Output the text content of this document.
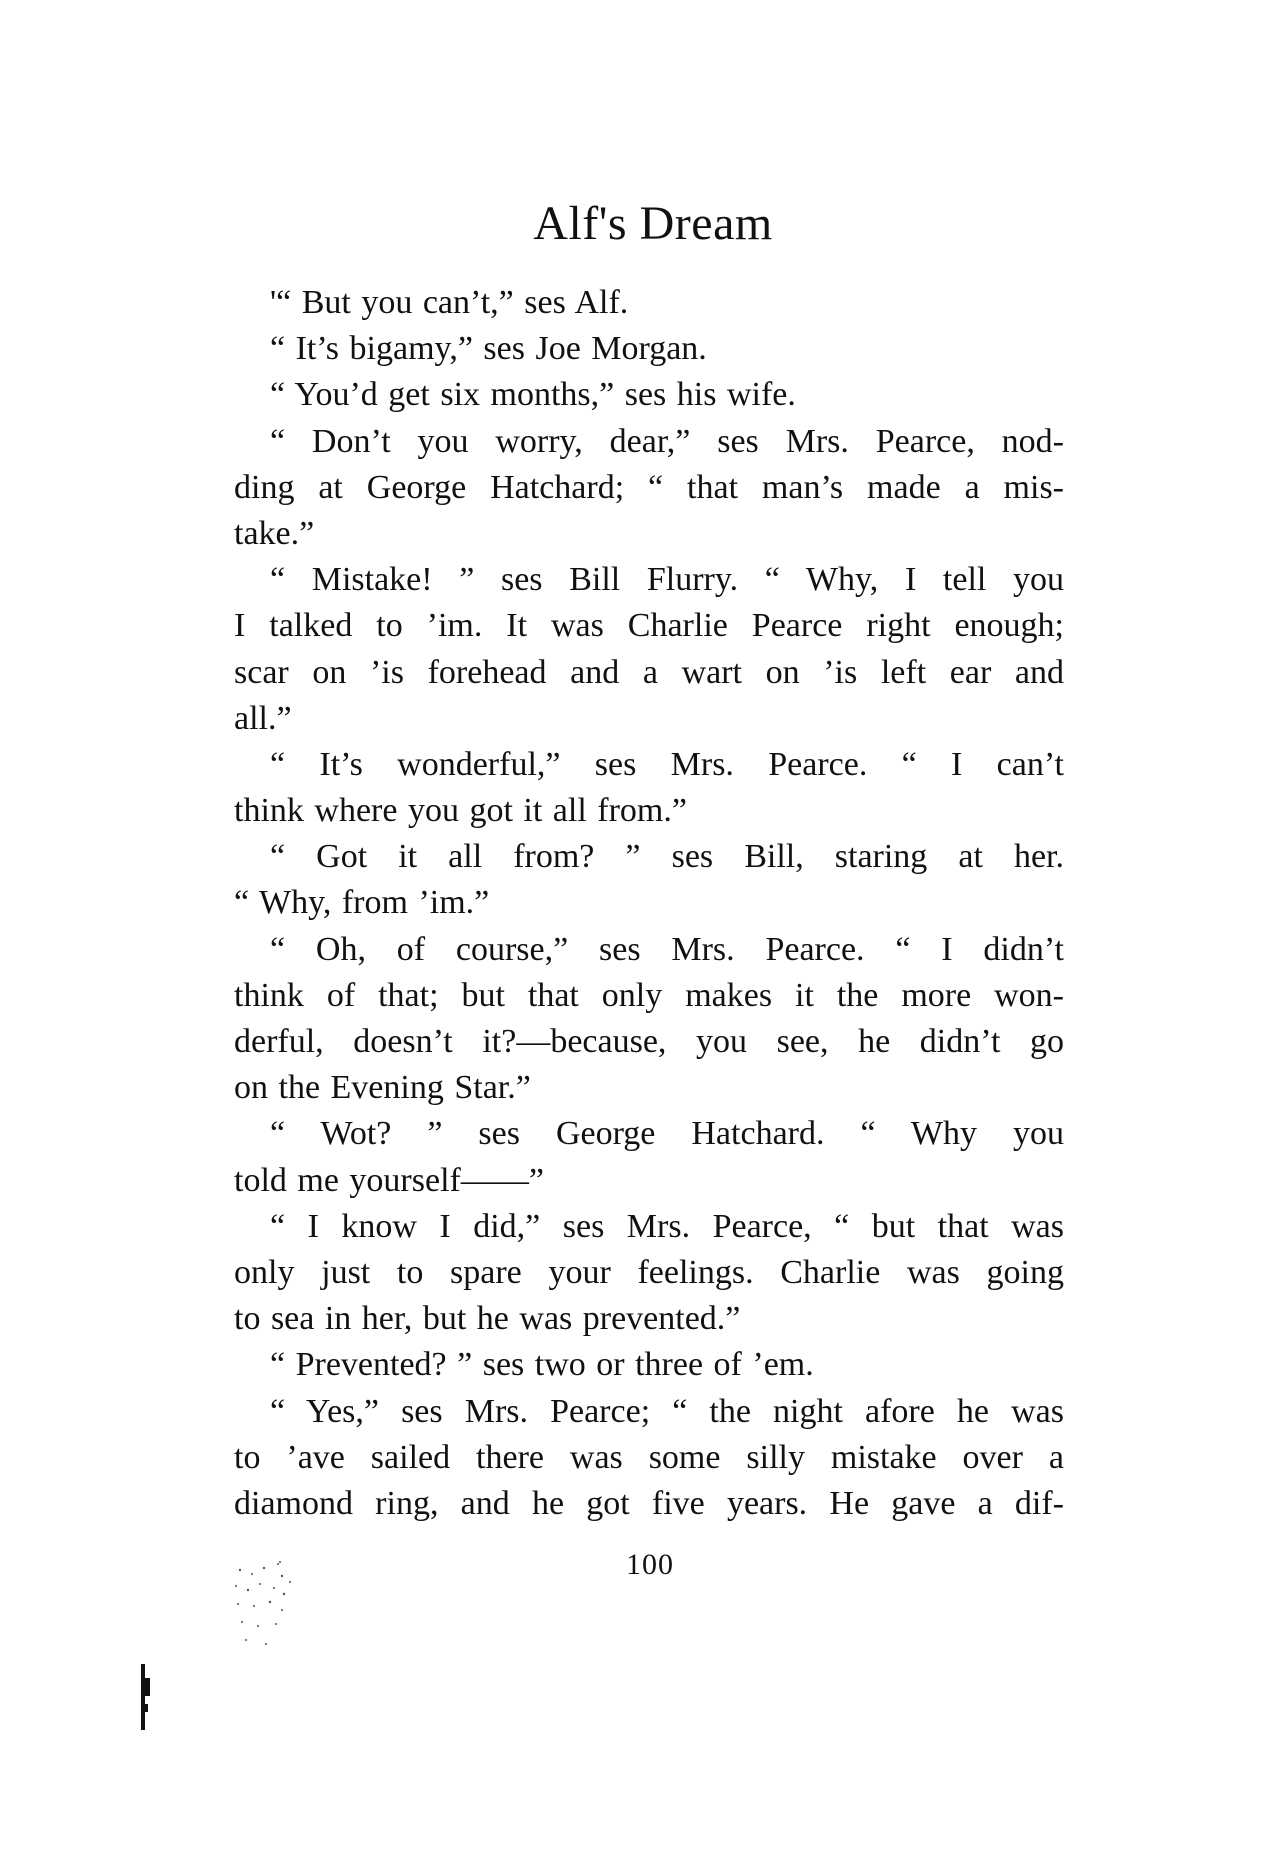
Alf's Dream
'“ But you can’t,” ses Alf.
“ It’s bigamy,” ses Joe Morgan.
“ You’d get six months,” ses his wife.
“ Don’t you worry, dear,” ses Mrs. Pearce, nod-
ding at George Hatchard; “ that man’s made a mis-
take.”
“ Mistake! ” ses Bill Flurry. “ Why, I tell you
I talked to ’im. It was Charlie Pearce right enough;
scar on ’is forehead and a wart on ’is left ear and
all.”
“ It’s wonderful,” ses Mrs. Pearce. “ I can’t
think where you got it all from.”
“ Got it all from? ” ses Bill, staring at her.
“ Why, from ’im.”
“ Oh, of course,” ses Mrs. Pearce. “ I didn’t
think of that; but that only makes it the more won-
derful, doesn’t it?—because, you see, he didn’t go
on the Evening Star.”
“ Wot? ” ses George Hatchard. “ Why you
told me yourself——”
“ I know I did,” ses Mrs. Pearce, “ but that was
only just to spare your feelings. Charlie was going
to sea in her, but he was prevented.”
“ Prevented? ” ses two or three of ’em.
“ Yes,” ses Mrs. Pearce; “ the night afore he was
to ’ave sailed there was some silly mistake over a
diamond ring, and he got five years. He gave a dif-
100
